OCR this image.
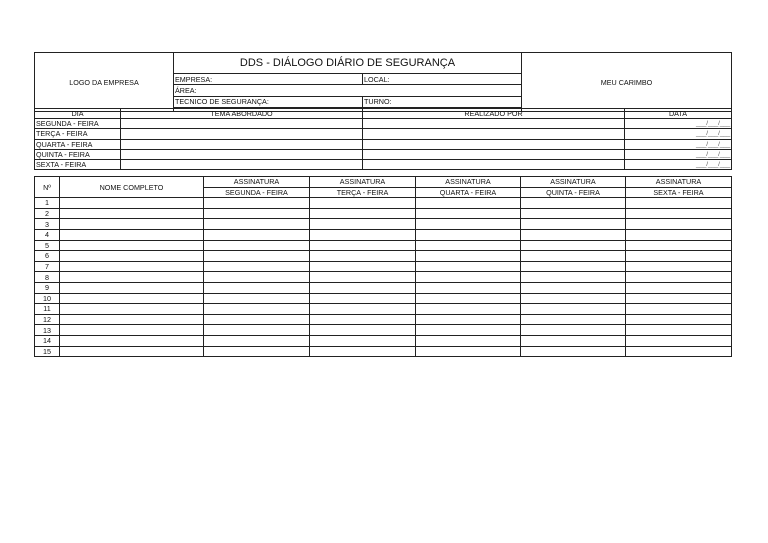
LOGO DA EMPRESA	DDS - DIÁLOGO DIÁRIO DE SEGURANÇA		MEU CARIMBO
	EMPRESA:	LOCAL:	
	ÁREA:		
	TECNICO DE SEGURANÇA:	TURNO:	

DIA	TEMA ABORDADO	REALIZADO POR	DATA
SEGUNDA - FEIRA			___/___/___
TERÇA - FEIRA			___/___/___
QUARTA - FEIRA			___/___/___
QUINTA - FEIRA			___/___/___
SEXTA - FEIRA			___/___/___
Nº	NOME COMPLETO	ASSINATURA	ASSINATURA	ASSINATURA	ASSINATURA	ASSINATURA
		SEGUNDA - FEIRA	TERÇA - FEIRA	QUARTA - FEIRA	QUINTA - FEIRA	SEXTA - FEIRA
1						
2						
3						
4						
5						
6						
7						
8						
9						
10						
11						
12						
13						
14						
15						
